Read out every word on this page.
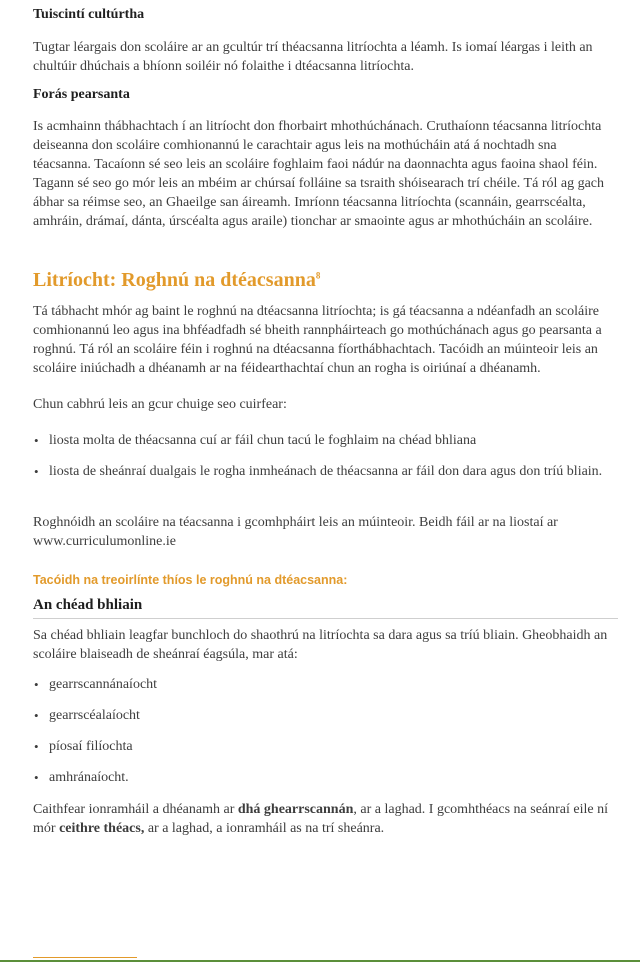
Tuiscintí cultúrtha

Tugtar léargais don scoláire ar an gcultúr trí théacsanna litríochta a léamh. Is iomaí léargas i leith an chultúir dhúchais a bhíonn soiléir nó folaithe i dtéacsanna litríochta.

Forás pearsanta

Is acmhainn thábhachtach í an litríocht don fhorbairt mhothúchánach. Cruthaíonn téacsanna litríochta deiseanna don scoláire comhionannú le carachtair agus leis na mothúcháin atá á nochtadh sna téacsanna. Tacaíonn sé seo leis an scoláire foghlaim faoi nádúr na daonnachta agus faoina shaol féin. Tagann sé seo go mór leis an mbéim ar chúrsaí folláine sa tsraith shóisearach trí chéile. Tá ról ag gach ábhar sa réimse seo, an Ghaeilge san áireamh. Imríonn téacsanna litríochta (scannáin, gearrscéalta, amhráin, drámaí, dánta, úrscéalta agus araile) tionchar ar smaointe agus ar mhothúcháin an scoláire.

Litríocht: Roghnú na dtéacsanna$^8$

Tá tábhacht mhór ag baint le roghnú na dtéacsanna litríochta; is gá téacsanna a ndéanfadh an scoláire comhionannú leo agus ina bhféadfadh sé bheith rannpháirteach go mothúchánach agus go pearsanta a roghnú. Tá ról an scoláire féin i roghnú na dtéacsanna fíorthábhachtach. Tacóidh an múinteoir leis an scoláire iniúchadh a dhéanamh ar na féidearthachtaí chun an rogha is oiriúnaí a dhéanamh.

Chun cabhrú leis an gcur chuige seo cuirfear:

• liosta molta de théacsanna cuí ar fáil chun tacú le foghlaim na chéad bhliana
• liosta de sheánraí dualgais le rogha inmheánach de théacsanna ar fáil don dara agus don tríú bliain.

Roghnóidh an scoláire na téacsanna i gcomhpháirt leis an múinteoir. Beidh fáil ar na liostaí ar www.curriculumonline.ie

Tacóidh na treoirlínte thíos le roghnú na dtéacsanna:
An chéad bhliain

Sa chéad bhliain leagfar bunchloch do shaothrú na litríochta sa dara agus sa tríú bliain. Gheobhaidh an scoláire blaiseadh de sheánraí éagsúla, mar atá:

• gearrscannánaíocht
• gearrscéalaíocht
• píosaí filíochta
• amhránaíocht.

Caithfear ionramháil a dhéanamh ar dhá ghearrscannán, ar a laghad. I gcomhthéacs na seánraí eile ní mór ceithre théacs, ar a laghad, a ionramháil as na trí sheánra.
